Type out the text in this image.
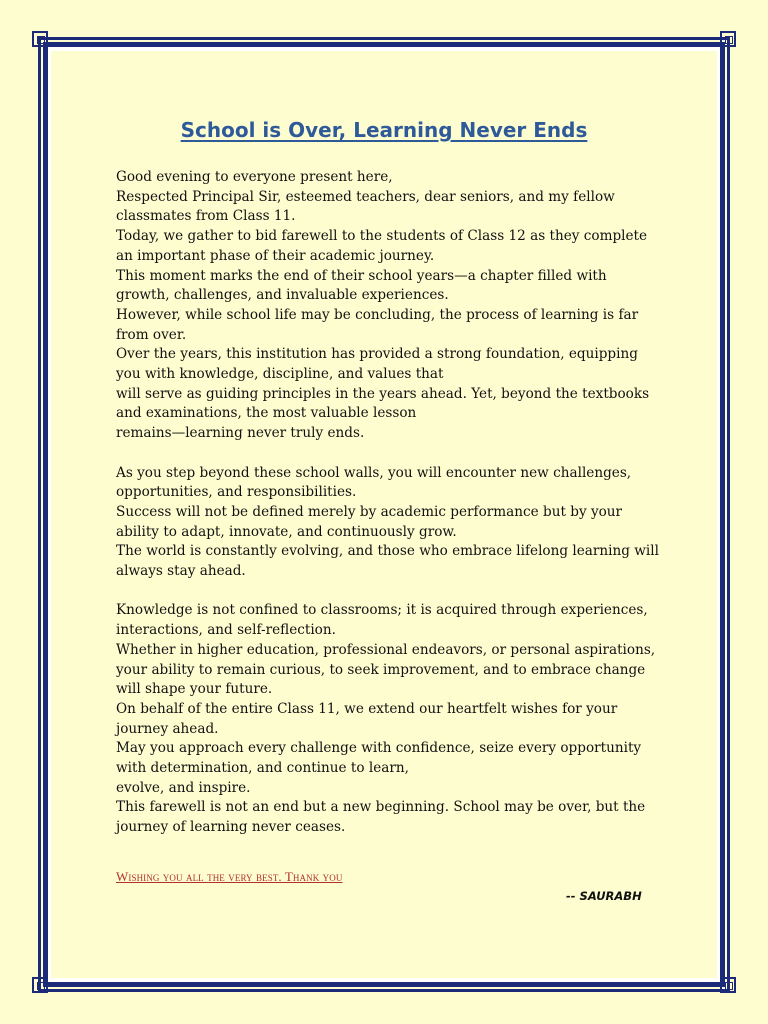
School is Over, Learning Never Ends

Good evening to everyone present here,

Respected Principal Sir, esteemed teachers, dear seniors, and my fellow classmates from Class 11.

Today, we gather to bid farewell to the students of Class 12 as they complete an important phase of their academic journey.

This moment marks the end of their school years—a chapter filled with growth, challenges, and invaluable experiences.

However, while school life may be concluding, the process of learning is far from over.

Over the years, this institution has provided a strong foundation, equipping you with knowledge, discipline, and values that

will serve as guiding principles in the years ahead. Yet, beyond the textbooks and examinations, the most valuable lesson

remains—learning never truly ends.

As you step beyond these school walls, you will encounter new challenges, opportunities, and responsibilities.

Success will not be defined merely by academic performance but by your ability to adapt, innovate, and continuously grow.

The world is constantly evolving, and those who embrace lifelong learning will always stay ahead.

Knowledge is not confined to classrooms; it is acquired through experiences, interactions, and self-reflection.

Whether in higher education, professional endeavors, or personal aspirations, your ability to remain curious, to seek improvement, and to embrace change will shape your future.

On behalf of the entire Class 11, we extend our heartfelt wishes for your journey ahead.

May you approach every challenge with confidence, seize every opportunity with determination, and continue to learn,

evolve, and inspire.

This farewell is not an end but a new beginning. School may be over, but the journey of learning never ceases.

Wishing you all the very best. Thank you
-- SAURABH
